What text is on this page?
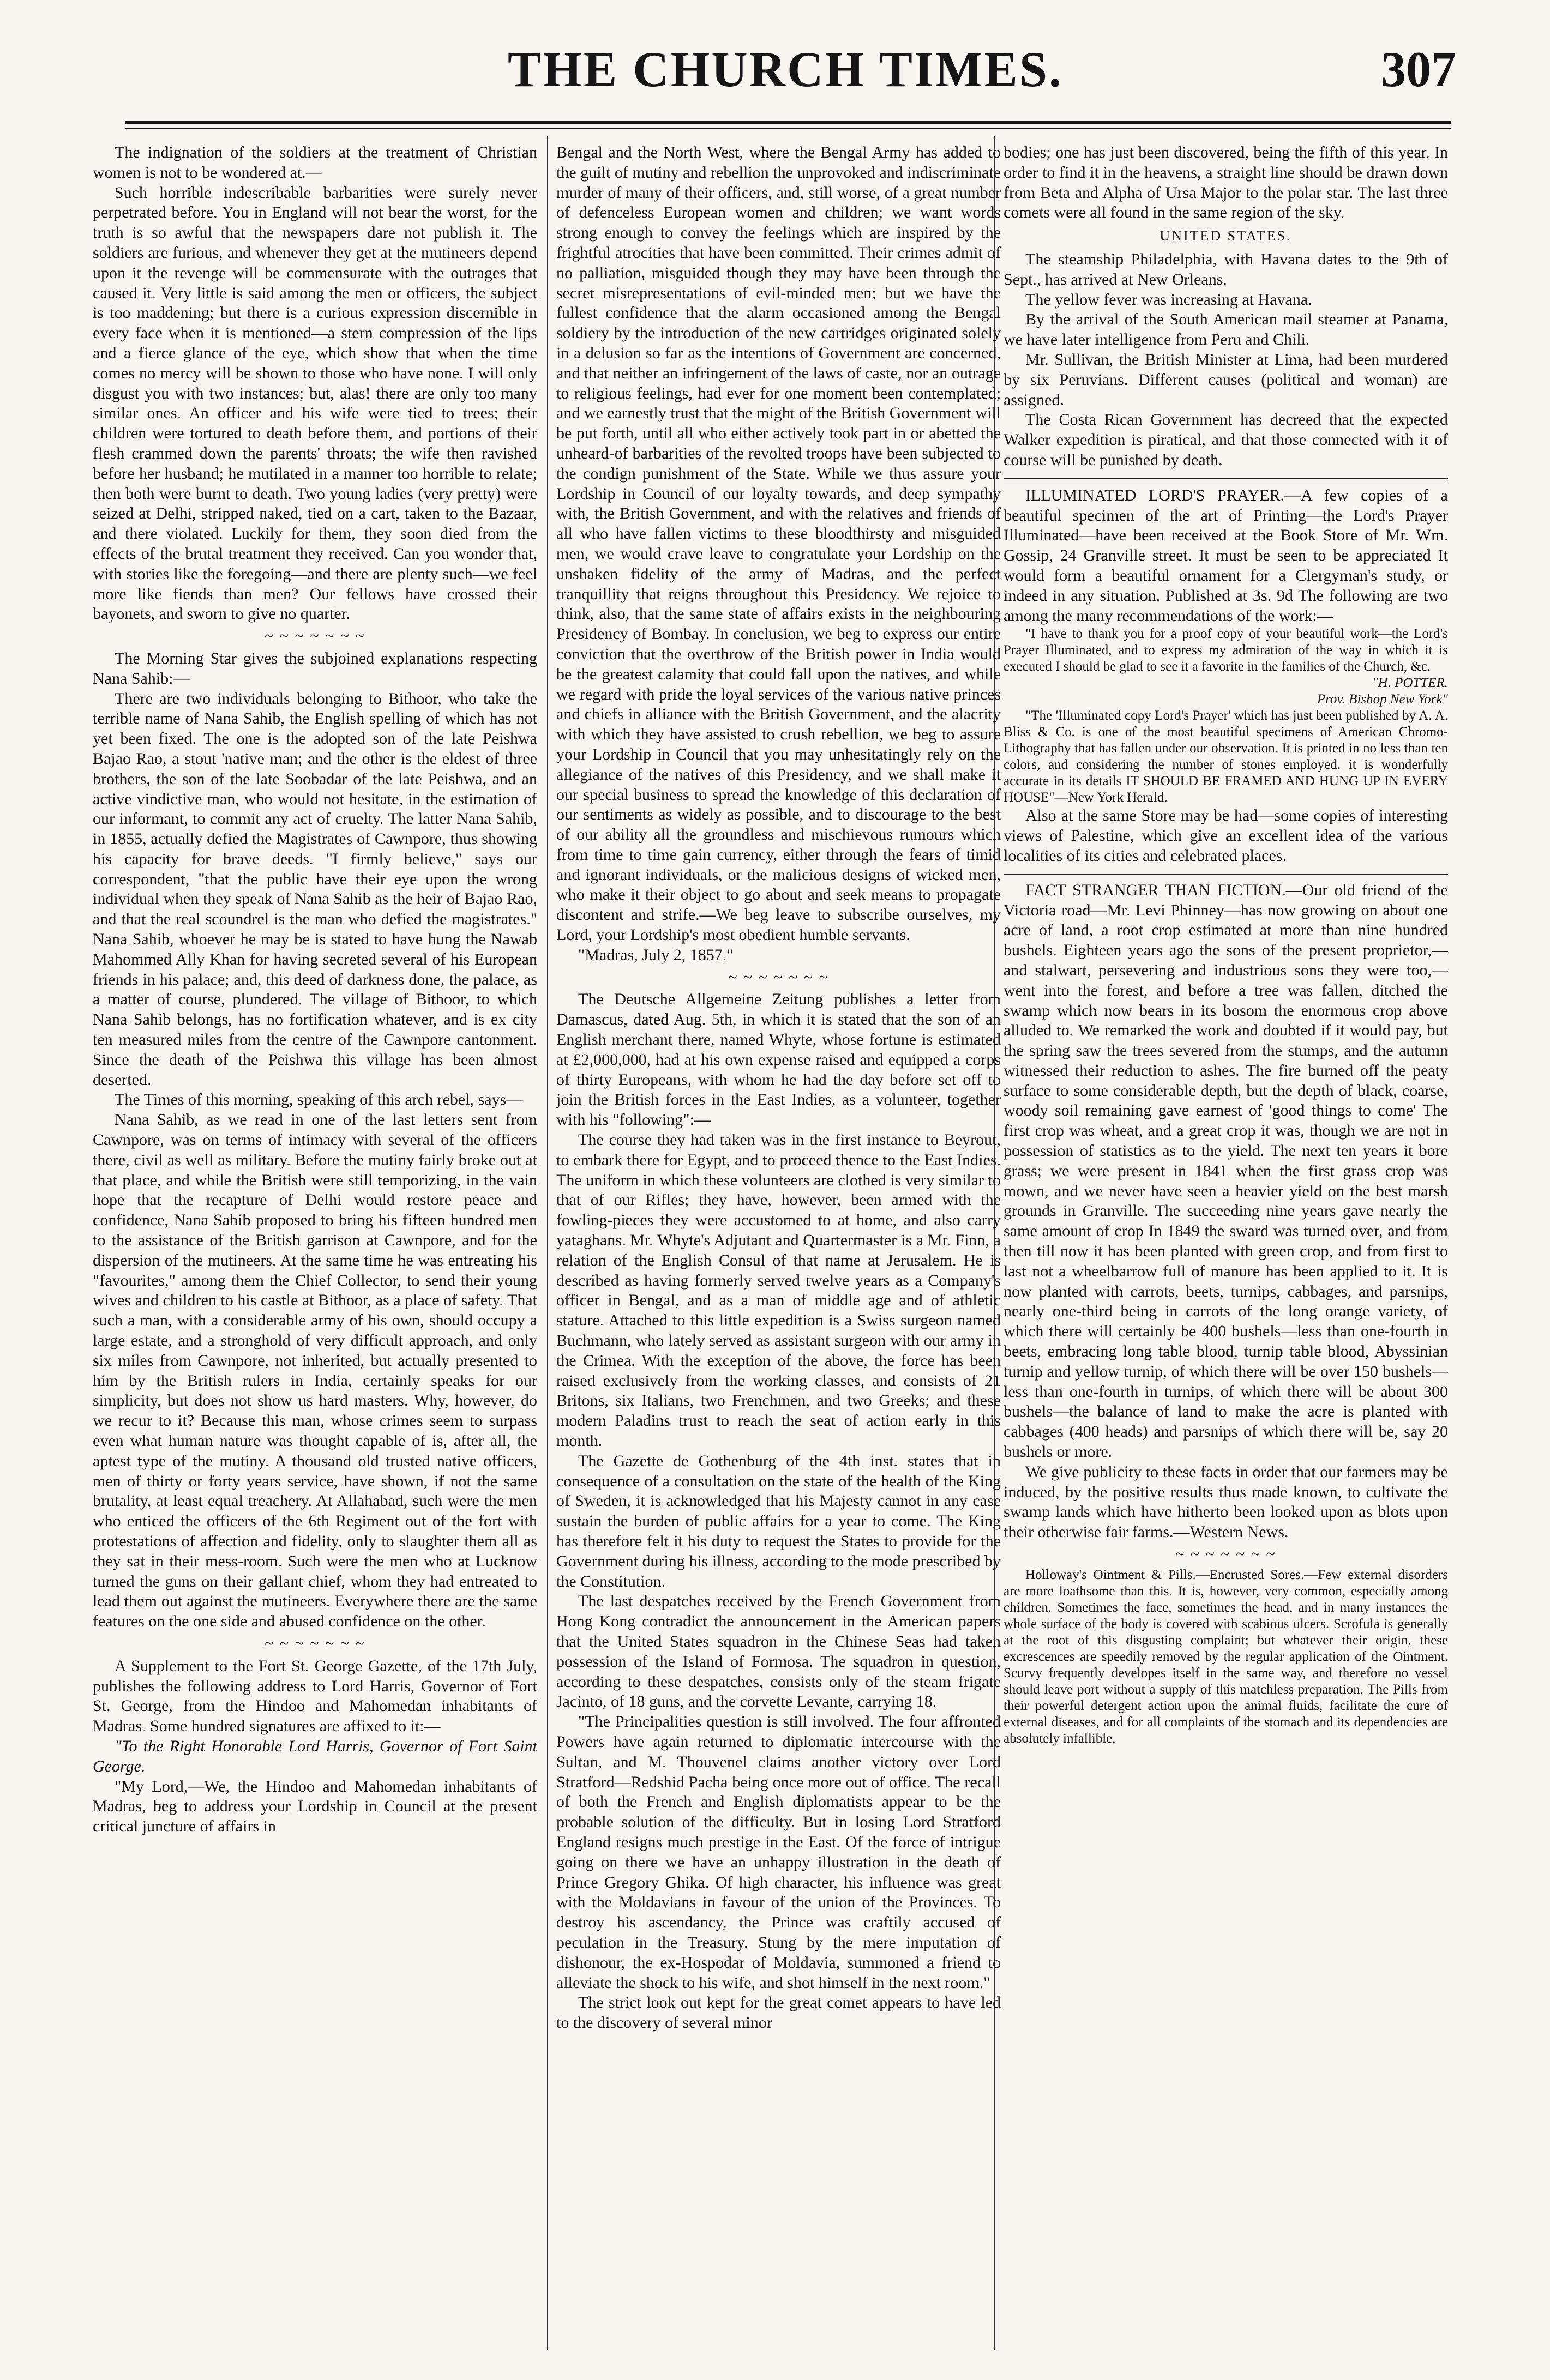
THE CHURCH TIMES.	307

The indignation of the soldiers at the treatment of Christian women is not to be wondered at.—

Such horrible indescribable barbarities were surely never perpetrated before. You in England will not bear the worst, for the truth is so awful that the newspapers dare not publish it. The soldiers are furious, and whenever they get at the mutineers depend upon it the revenge will be commensurate with the outrages that caused it. Very little is said among the men or officers, the subject is too maddening; but there is a curious expression discernible in every face when it is mentioned—a stern compression of the lips and a fierce glance of the eye, which show that when the time comes no mercy will be shown to those who have none. I will only disgust you with two instances; but, alas! there are only too many similar ones. An officer and his wife were tied to trees; their children were tortured to death before them, and portions of their flesh crammed down the parents' throats; the wife then ravished before her husband; he mutilated in a manner too horrible to relate; then both were burnt to death. Two young ladies (very pretty) were seized at Delhi, stripped naked, tied on a cart, taken to the Bazaar, and there violated. Luckily for them, they soon died from the effects of the brutal treatment they received. Can you wonder that, with stories like the foregoing—and there are plenty such—we feel more like fiends than men? Our fellows have crossed their bayonets, and sworn to give no quarter.

~ ~ ~ ~ ~ ~ ~

The Morning Star gives the subjoined explanations respecting Nana Sahib:—

There are two individuals belonging to Bithoor, who take the terrible name of Nana Sahib, the English spelling of which has not yet been fixed. The one is the adopted son of the late Peishwa Bajao Rao, a stout 'native man; and the other is the eldest of three brothers, the son of the late Soobadar of the late Peishwa, and an active vindictive man, who would not hesitate, in the estimation of our informant, to commit any act of cruelty. The latter Nana Sahib, in 1855, actually defied the Magistrates of Cawnpore, thus showing his capacity for brave deeds. "I firmly believe," says our correspondent, "that the public have their eye upon the wrong individual when they speak of Nana Sahib as the heir of Bajao Rao, and that the real scoundrel is the man who defied the magistrates." Nana Sahib, whoever he may be is stated to have hung the Nawab Mahommed Ally Khan for having secreted several of his European friends in his palace; and, this deed of darkness done, the palace, as a matter of course, plundered. The village of Bithoor, to which Nana Sahib belongs, has no fortification whatever, and is ex city ten measured miles from the centre of the Cawnpore cantonment. Since the death of the Peishwa this village has been almost deserted.

The Times of this morning, speaking of this arch rebel, says—

Nana Sahib, as we read in one of the last letters sent from Cawnpore, was on terms of intimacy with several of the officers there, civil as well as military. Before the mutiny fairly broke out at that place, and while the British were still temporizing, in the vain hope that the recapture of Delhi would restore peace and confidence, Nana Sahib proposed to bring his fifteen hundred men to the assistance of the British garrison at Cawnpore, and for the dispersion of the mutineers. At the same time he was entreating his "favourites," among them the Chief Collector, to send their young wives and children to his castle at Bithoor, as a place of safety. That such a man, with a considerable army of his own, should occupy a large estate, and a stronghold of very difficult approach, and only six miles from Cawnpore, not inherited, but actually presented to him by the British rulers in India, certainly speaks for our simplicity, but does not show us hard masters. Why, however, do we recur to it? Because this man, whose crimes seem to surpass even what human nature was thought capable of is, after all, the aptest type of the mutiny. A thousand old trusted native officers, men of thirty or forty years service, have shown, if not the same brutality, at least equal treachery. At Allahabad, such were the men who enticed the officers of the 6th Regiment out of the fort with protestations of affection and fidelity, only to slaughter them all as they sat in their mess-room. Such were the men who at Lucknow turned the guns on their gallant chief, whom they had entreated to lead them out against the mutineers. Everywhere there are the same features on the one side and abused confidence on the other.

~ ~ ~ ~ ~ ~ ~

A Supplement to the Fort St. George Gazette, of the 17th July, publishes the following address to Lord Harris, Governor of Fort St. George, from the Hindoo and Mahomedan inhabitants of Madras. Some hundred signatures are affixed to it:—

"To the Right Honorable Lord Harris, Governor of Fort Saint George.

"My Lord,—We, the Hindoo and Mahomedan inhabitants of Madras, beg to address your Lordship in Council at the present critical juncture of affairs in

Bengal and the North West, where the Bengal Army has added to the guilt of mutiny and rebellion the unprovoked and indiscriminate murder of many of their officers, and, still worse, of a great number of defenceless European women and children; we want words strong enough to convey the feelings which are inspired by the frightful atrocities that have been committed. Their crimes admit of no palliation, misguided though they may have been through the secret misrepresentations of evil-minded men; but we have the fullest confidence that the alarm occasioned among the Bengal soldiery by the introduction of the new cartridges originated solely in a delusion so far as the intentions of Government are concerned, and that neither an infringement of the laws of caste, nor an outrage to religious feelings, had ever for one moment been contemplated; and we earnestly trust that the might of the British Government will be put forth, until all who either actively took part in or abetted the unheard-of barbarities of the revolted troops have been subjected to the condign punishment of the State. While we thus assure your Lordship in Council of our loyalty towards, and deep sympathy with, the British Government, and with the relatives and friends of all who have fallen victims to these bloodthirsty and misguided men, we would crave leave to congratulate your Lordship on the unshaken fidelity of the army of Madras, and the perfect tranquillity that reigns throughout this Presidency. We rejoice to think, also, that the same state of affairs exists in the neighbouring Presidency of Bombay. In conclusion, we beg to express our entire conviction that the overthrow of the British power in India would be the greatest calamity that could fall upon the natives, and while we regard with pride the loyal services of the various native princes and chiefs in alliance with the British Government, and the alacrity with which they have assisted to crush rebellion, we beg to assure your Lordship in Council that you may unhesitatingly rely on the allegiance of the natives of this Presidency, and we shall make it our special business to spread the knowledge of this declaration of our sentiments as widely as possible, and to discourage to the best of our ability all the groundless and mischievous rumours which from time to time gain currency, either through the fears of timid and ignorant individuals, or the malicious designs of wicked men, who make it their object to go about and seek means to propagate discontent and strife.—We beg leave to subscribe ourselves, my Lord, your Lordship's most obedient humble servants.

"Madras, July 2, 1857."

~ ~ ~ ~ ~ ~ ~

The Deutsche Allgemeine Zeitung publishes a letter from Damascus, dated Aug. 5th, in which it is stated that the son of an English merchant there, named Whyte, whose fortune is estimated at £2,000,000, had at his own expense raised and equipped a corps of thirty Europeans, with whom he had the day before set off to join the British forces in the East Indies, as a volunteer, together with his "following":—

The course they had taken was in the first instance to Beyrout, to embark there for Egypt, and to proceed thence to the East Indies. The uniform in which these volunteers are clothed is very similar to that of our Rifles; they have, however, been armed with the fowling-pieces they were accustomed to at home, and also carry yataghans. Mr. Whyte's Adjutant and Quartermaster is a Mr. Finn, a relation of the English Consul of that name at Jerusalem. He is described as having formerly served twelve years as a Company's officer in Bengal, and as a man of middle age and of athletic stature. Attached to this little expedition is a Swiss surgeon named Buchmann, who lately served as assistant surgeon with our army in the Crimea. With the exception of the above, the force has been raised exclusively from the working classes, and consists of 21 Britons, six Italians, two Frenchmen, and two Greeks; and these modern Paladins trust to reach the seat of action early in this month.

The Gazette de Gothenburg of the 4th inst. states that in consequence of a consultation on the state of the health of the King of Sweden, it is acknowledged that his Majesty cannot in any case sustain the burden of public affairs for a year to come. The King has therefore felt it his duty to request the States to provide for the Government during his illness, according to the mode prescribed by the Constitution.

The last despatches received by the French Government from Hong Kong contradict the announcement in the American papers that the United States squadron in the Chinese Seas had taken possession of the Island of Formosa. The squadron in question, according to these despatches, consists only of the steam frigate Jacinto, of 18 guns, and the corvette Levante, carrying 18.

"The Principalities question is still involved. The four affronted Powers have again returned to diplomatic intercourse with the Sultan, and M. Thouvenel claims another victory over Lord Stratford—Redshid Pacha being once more out of office. The recall of both the French and English diplomatists appear to be the probable solution of the difficulty. But in losing Lord Stratford England resigns much prestige in the East. Of the force of intrigue going on there we have an unhappy illustration in the death of Prince Gregory Ghika. Of high character, his influence was great with the Moldavians in favour of the union of the Provinces. To destroy his ascendancy, the Prince was craftily accused of peculation in the Treasury. Stung by the mere imputation of dishonour, the ex-Hospodar of Moldavia, summoned a friend to alleviate the shock to his wife, and shot himself in the next room."

The strict look out kept for the great comet appears to have led to the discovery of several minor

bodies; one has just been discovered, being the fifth of this year. In order to find it in the heavens, a straight line should be drawn down from Beta and Alpha of Ursa Major to the polar star. The last three comets were all found in the same region of the sky.

UNITED STATES.

The steamship Philadelphia, with Havana dates to the 9th of Sept., has arrived at New Orleans.

The yellow fever was increasing at Havana.

By the arrival of the South American mail steamer at Panama, we have later intelligence from Peru and Chili.

Mr. Sullivan, the British Minister at Lima, had been murdered by six Peruvians. Different causes (political and woman) are assigned.

The Costa Rican Government has decreed that the expected Walker expedition is piratical, and that those connected with it of course will be punished by death.

ILLUMINATED LORD'S PRAYER.—A few copies of a beautiful specimen of the art of Printing—the Lord's Prayer Illuminated—have been received at the Book Store of Mr. Wm. Gossip, 24 Granville street. It must be seen to be appreciated It would form a beautiful ornament for a Clergyman's study, or indeed in any situation. Published at 3s. 9d The following are two among the many recommendations of the work:—

"I have to thank you for a proof copy of your beautiful work—the Lord's Prayer Illuminated, and to express my admiration of the way in which it is executed I should be glad to see it a favorite in the families of the Church, &c.

"H. POTTER.

Prov. Bishop New York"

"The 'Illuminated copy Lord's Prayer' which has just been published by A. A. Bliss & Co. is one of the most beautiful specimens of American Chromo-Lithography that has fallen under our observation. It is printed in no less than ten colors, and considering the number of stones employed. it is wonderfully accurate in its details IT SHOULD BE FRAMED AND HUNG UP IN EVERY HOUSE"—New York Herald.

Also at the same Store may be had—some copies of interesting views of Palestine, which give an excellent idea of the various localities of its cities and celebrated places.

FACT STRANGER THAN FICTION.—Our old friend of the Victoria road—Mr. Levi Phinney—has now growing on about one acre of land, a root crop estimated at more than nine hundred bushels. Eighteen years ago the sons of the present proprietor,—and stalwart, persevering and industrious sons they were too,—went into the forest, and before a tree was fallen, ditched the swamp which now bears in its bosom the enormous crop above alluded to. We remarked the work and doubted if it would pay, but the spring saw the trees severed from the stumps, and the autumn witnessed their reduction to ashes. The fire burned off the peaty surface to some considerable depth, but the depth of black, coarse, woody soil remaining gave earnest of 'good things to come' The first crop was wheat, and a great crop it was, though we are not in possession of statistics as to the yield. The next ten years it bore grass; we were present in 1841 when the first grass crop was mown, and we never have seen a heavier yield on the best marsh grounds in Granville. The succeeding nine years gave nearly the same amount of crop In 1849 the sward was turned over, and from then till now it has been planted with green crop, and from first to last not a wheelbarrow full of manure has been applied to it. It is now planted with carrots, beets, turnips, cabbages, and parsnips, nearly one-third being in carrots of the long orange variety, of which there will certainly be 400 bushels—less than one-fourth in beets, embracing long table blood, turnip table blood, Abyssinian turnip and yellow turnip, of which there will be over 150 bushels—less than one-fourth in turnips, of which there will be about 300 bushels—the balance of land to make the acre is planted with cabbages (400 heads) and parsnips of which there will be, say 20 bushels or more.

We give publicity to these facts in order that our farmers may be induced, by the positive results thus made known, to cultivate the swamp lands which have hitherto been looked upon as blots upon their otherwise fair farms.—Western News.

~ ~ ~ ~ ~ ~ ~

Holloway's Ointment & Pills.—Encrusted Sores.—Few external disorders are more loathsome than this. It is, however, very common, especially among children. Sometimes the face, sometimes the head, and in many instances the whole surface of the body is covered with scabious ulcers. Scrofula is generally at the root of this disgusting complaint; but whatever their origin, these excrescences are speedily removed by the regular application of the Ointment. Scurvy frequently developes itself in the same way, and therefore no vessel should leave port without a supply of this matchless preparation. The Pills from their powerful detergent action upon the animal fluids, facilitate the cure of external diseases, and for all complaints of the stomach and its dependencies are absolutely infallible.
